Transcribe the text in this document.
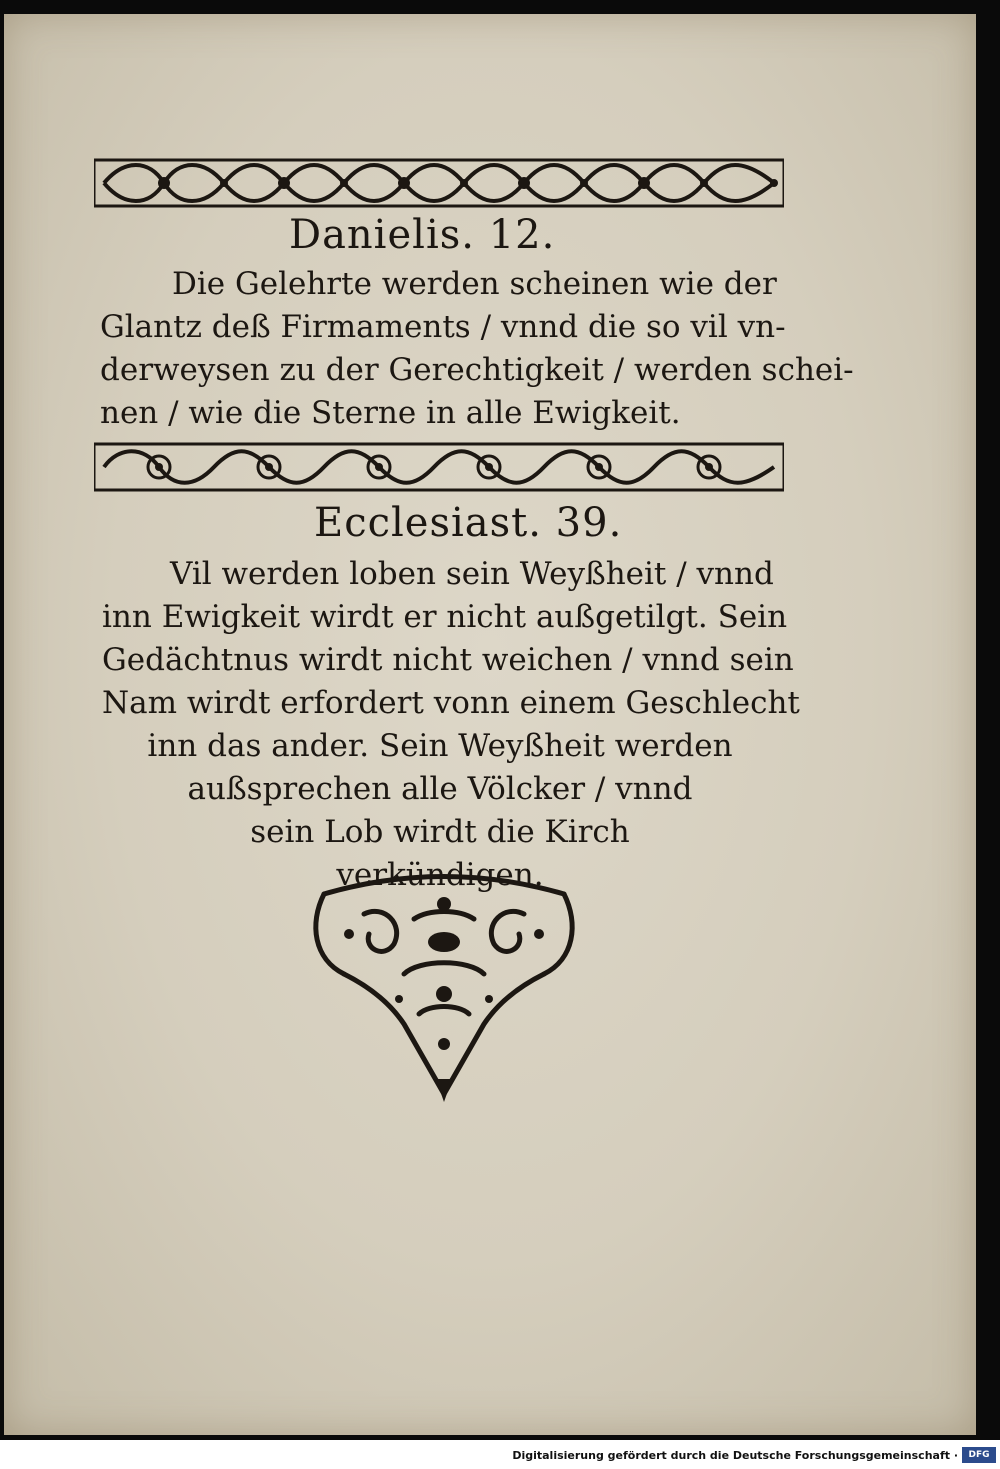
Danielis. 12.
Die Gelehrte werden scheinen wie der
Glantz deß Firmaments / vnnd die so vil vn-
derweysen zu der Gerechtigkeit / werden schei-
nen / wie die Sterne in alle Ewigkeit.
Ecclesiast. 39.
Vil werden loben sein Weyßheit / vnnd
inn Ewigkeit wirdt er nicht außgetilgt. Sein
Gedächtnus wirdt nicht weichen / vnnd sein
Nam wirdt erfordert vonn einem Geschlecht
inn das ander. Sein Weyßheit werden
außsprechen alle Völcker / vnnd
sein Lob wirdt die Kirch
verkündigen.
Digitalisierung gefördert durch die Deutsche Forschungsgemeinschaft ·	DFG
